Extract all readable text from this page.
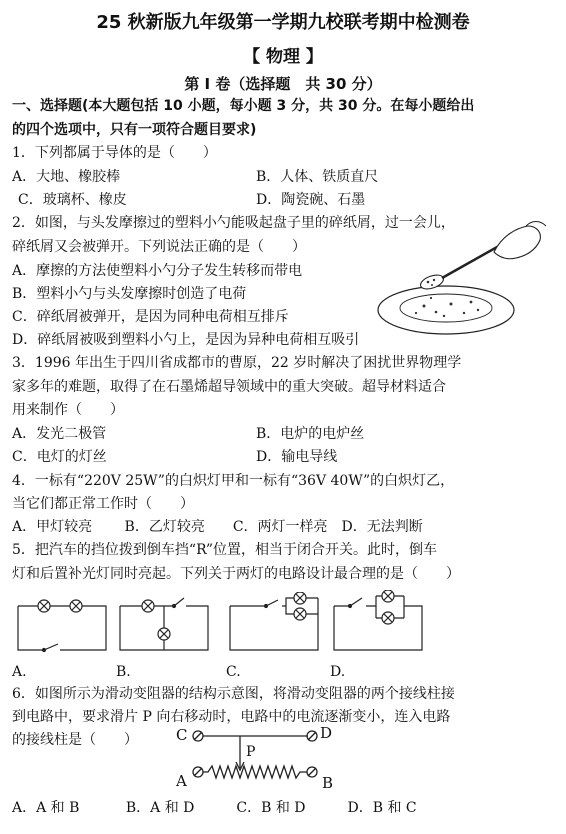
25 秋新版九年级第一学期九校联考期中检测卷
【 物理 】
第 Ⅰ 卷（选择题　共 30 分）
一、选择题(本大题包括 10 小题，每小题 3 分，共 30 分。在每小题给出
的四个选项中，只有一项符合题目要求)
1．下列都属于导体的是（　　）
A．大地、橡胶棒	B．人体、铁质直尺
C．玻璃杯、橡皮	D．陶瓷碗、石墨
2．如图，与头发摩擦过的塑料小勺能吸起盘子里的碎纸屑，过一会儿，
碎纸屑又会被弹开。下列说法正确的是（　　）
A．摩擦的方法使塑料小勺分子发生转移而带电
B．塑料小勺与头发摩擦时创造了电荷
C．碎纸屑被弹开，是因为同种电荷相互排斥
D．碎纸屑被吸到塑料小勺上，是因为异种电荷相互吸引
3．1996 年出生于四川省成都市的曹原，22 岁时解决了困扰世界物理学
家多年的难题，取得了在石墨烯超导领域中的重大突破。超导材料适合
用来制作（　　）
A．发光二极管	B．电炉的电炉丝
C．电灯的灯丝	D．输电导线
4．一标有“220V 25W”的白炽灯甲和一标有“36V 40W”的白炽灯乙，
当它们都正常工作时（　　）
A．甲灯较亮　　 B．乙灯较亮　　C．两灯一样亮　D．无法判断
5．把汽车的挡位拨到倒车挡“R”位置，相当于闭合开关。此时，倒车
灯和后置补光灯同时亮起。下列关于两灯的电路设计最合理的是（　　）
A.	B.	C.	D.
6．如图所示为滑动变阻器的结构示意图，将滑动变阻器的两个接线柱接
到电路中，要求滑片 P 向右移动时，电路中的电流逐渐变小，连入电路
的接线柱是（　　）	C	D
P
A	B
A．A 和 B　　　 B．A 和 D　　　C．B 和 D　　　D．B 和 C
